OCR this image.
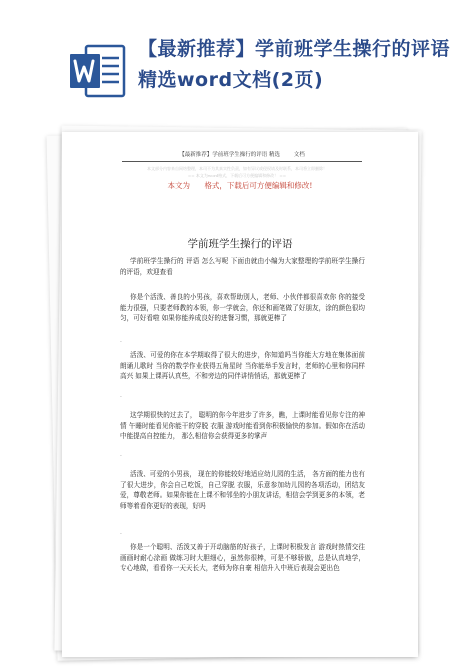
【最新推荐】学前班学生操行的评语精选word文档(2页)
【最新推荐】学前班学生操行的评语 精选	文档
本文部分内容来自网络整理，本司不为其真实性负责，如有异议或侵权请及时联系，本司将立即删除！
== 本文为word格式，下载后可方便编辑和修改！ ==
本文为 格式，下载后可方便编辑和修改!
学前班学生操行的评语
学前班学生操行的 评语 怎么写呢 下面由就由小编为大家整理的学前班学生操行的评语，欢迎查看
你是个活泼、善良的小男孩，喜欢帮助别人，老师、小伙伴都很喜欢你 你的接受能力很强，只要老师教的本领，你一学就会，你还和画笔做了好朋友，涂的颜色很均匀，可好看啦 如果你能养成良好的进餐习惯，那就更棒了
.
活泼、可爱的你在本学期取得了很大的进步，你知道吗当你能大方地在集体面前朗诵儿歌时 当你的数学作业获得五角星时 当你能举手发言时，老师的心里和你同样高兴 如果上课再认真些，不和旁边的同伴讲悄悄话，那就更棒了
.
这学期很快的过去了， 聪明的你今年进步了许多，瞧，上课时能看见你专注的神情 午睡时能看见你能干的穿脱 衣服 游戏时能看到你积极愉快的参加。假如你在活动中能提高自控能力， 那么相信你会获得更多的掌声
.
活泼、可爱的小男孩， 现在的你能较好地适应幼儿园的生活， 各方面的能力也有了很大进步，你会自己吃饭，自己穿脱 衣服，乐意参加幼儿园的各项活动，团结友爱，尊敬老师。如果你能在上课不和邻坐的小朋友讲话，相信会学到更多的本领，老师等着看你更好的表现，好吗
.
你是一个聪明、活泼又善于开动脑筋的好孩子，上课时积极发言 游戏时热情交往 画画时耐心涂画 做练习时大胆细心，虽然你很棒，可是不够骄傲，总是认真地学，专心地做，看看你一天天长大，老师为你自豪 相信升入中班后表现会更出色
